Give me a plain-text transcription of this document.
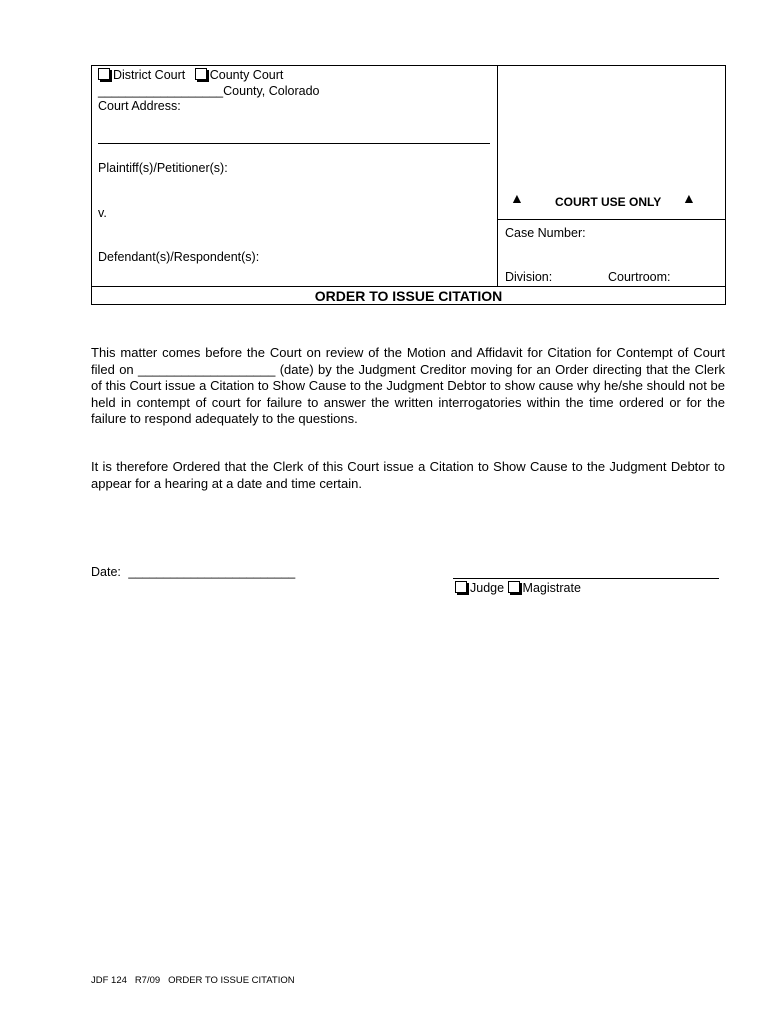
District Court County Court
__________________County, Colorado
Court Address:
Plaintiff(s)/Petitioner(s):
v.
Defendant(s)/Respondent(s):
▲	COURT USE ONLY ▲
Case Number:
Division:	Courtroom:
ORDER TO ISSUE CITATION
This matter comes before the Court on review of the Motion and Affidavit for Citation for Contempt of Court filed on ___________________ (date) by the Judgment Creditor moving for an Order directing that the Clerk of this Court issue a Citation to Show Cause to the Judgment Debtor to show cause why he/she should not be held in contempt of court for failure to answer the written interrogatories within the time ordered or for the failure to respond adequately to the questions.
It is therefore Ordered that the Clerk of this Court issue a Citation to Show Cause to the Judgment Debtor to appear for a hearing at a date and time certain.
Date: ________________________
Judge Magistrate
JDF 124   R7/09   ORDER TO ISSUE CITATION
